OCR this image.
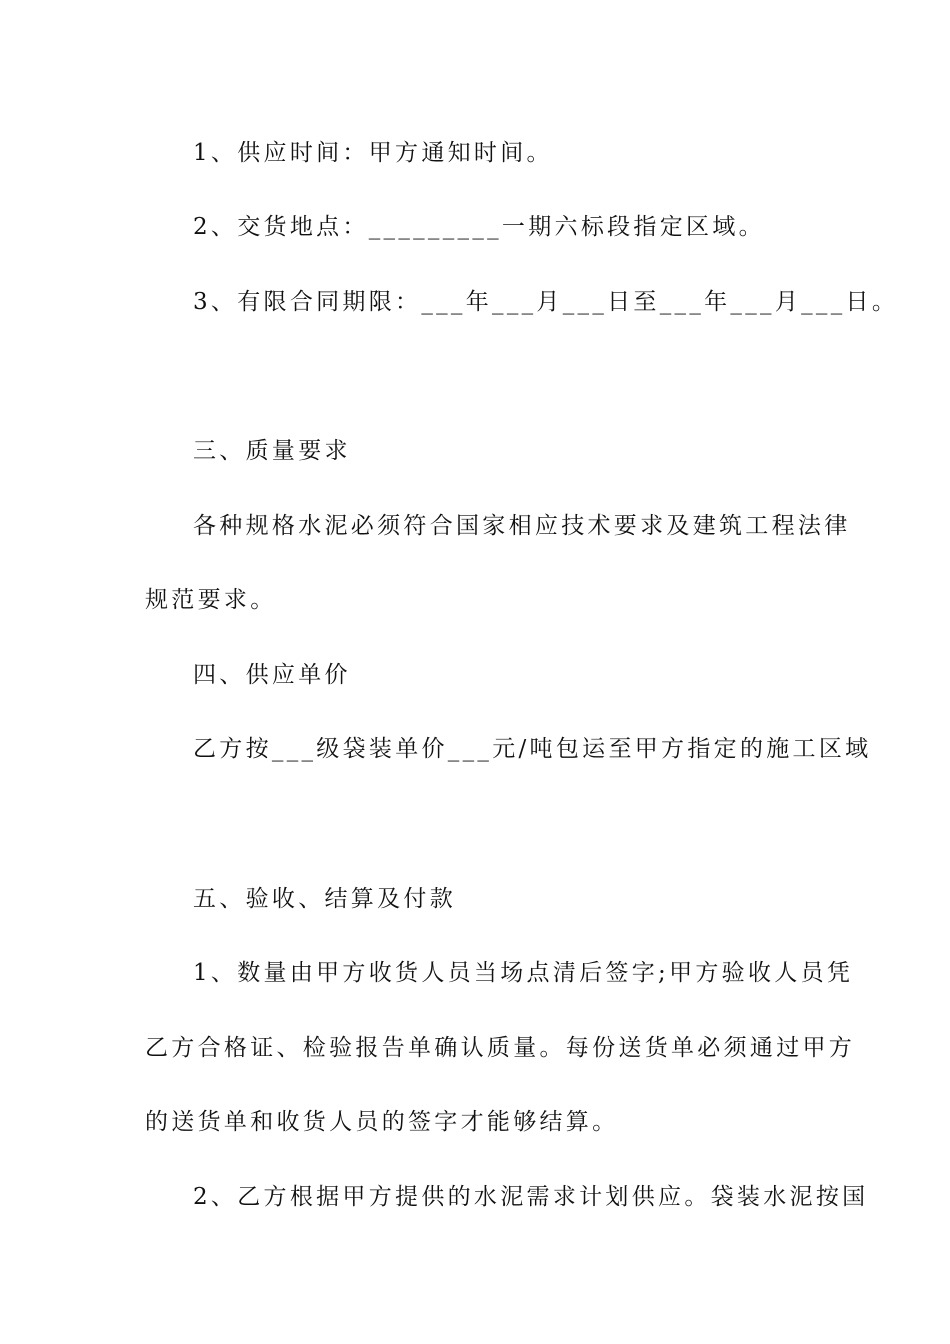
1、供应时间：甲方通知时间。
2、交货地点：_________一期六标段指定区域。
3、有限合同期限：___年___月___日至___年___月___日。
三、质量要求
各种规格水泥必须符合国家相应技术要求及建筑工程法律
规范要求。
四、供应单价
乙方按___级袋装单价___元/吨包运至甲方指定的施工区域
五、验收、结算及付款
1、数量由甲方收货人员当场点清后签字;甲方验收人员凭
乙方合格证、检验报告单确认质量。每份送货单必须通过甲方
的送货单和收货人员的签字才能够结算。
2、乙方根据甲方提供的水泥需求计划供应。袋装水泥按国
